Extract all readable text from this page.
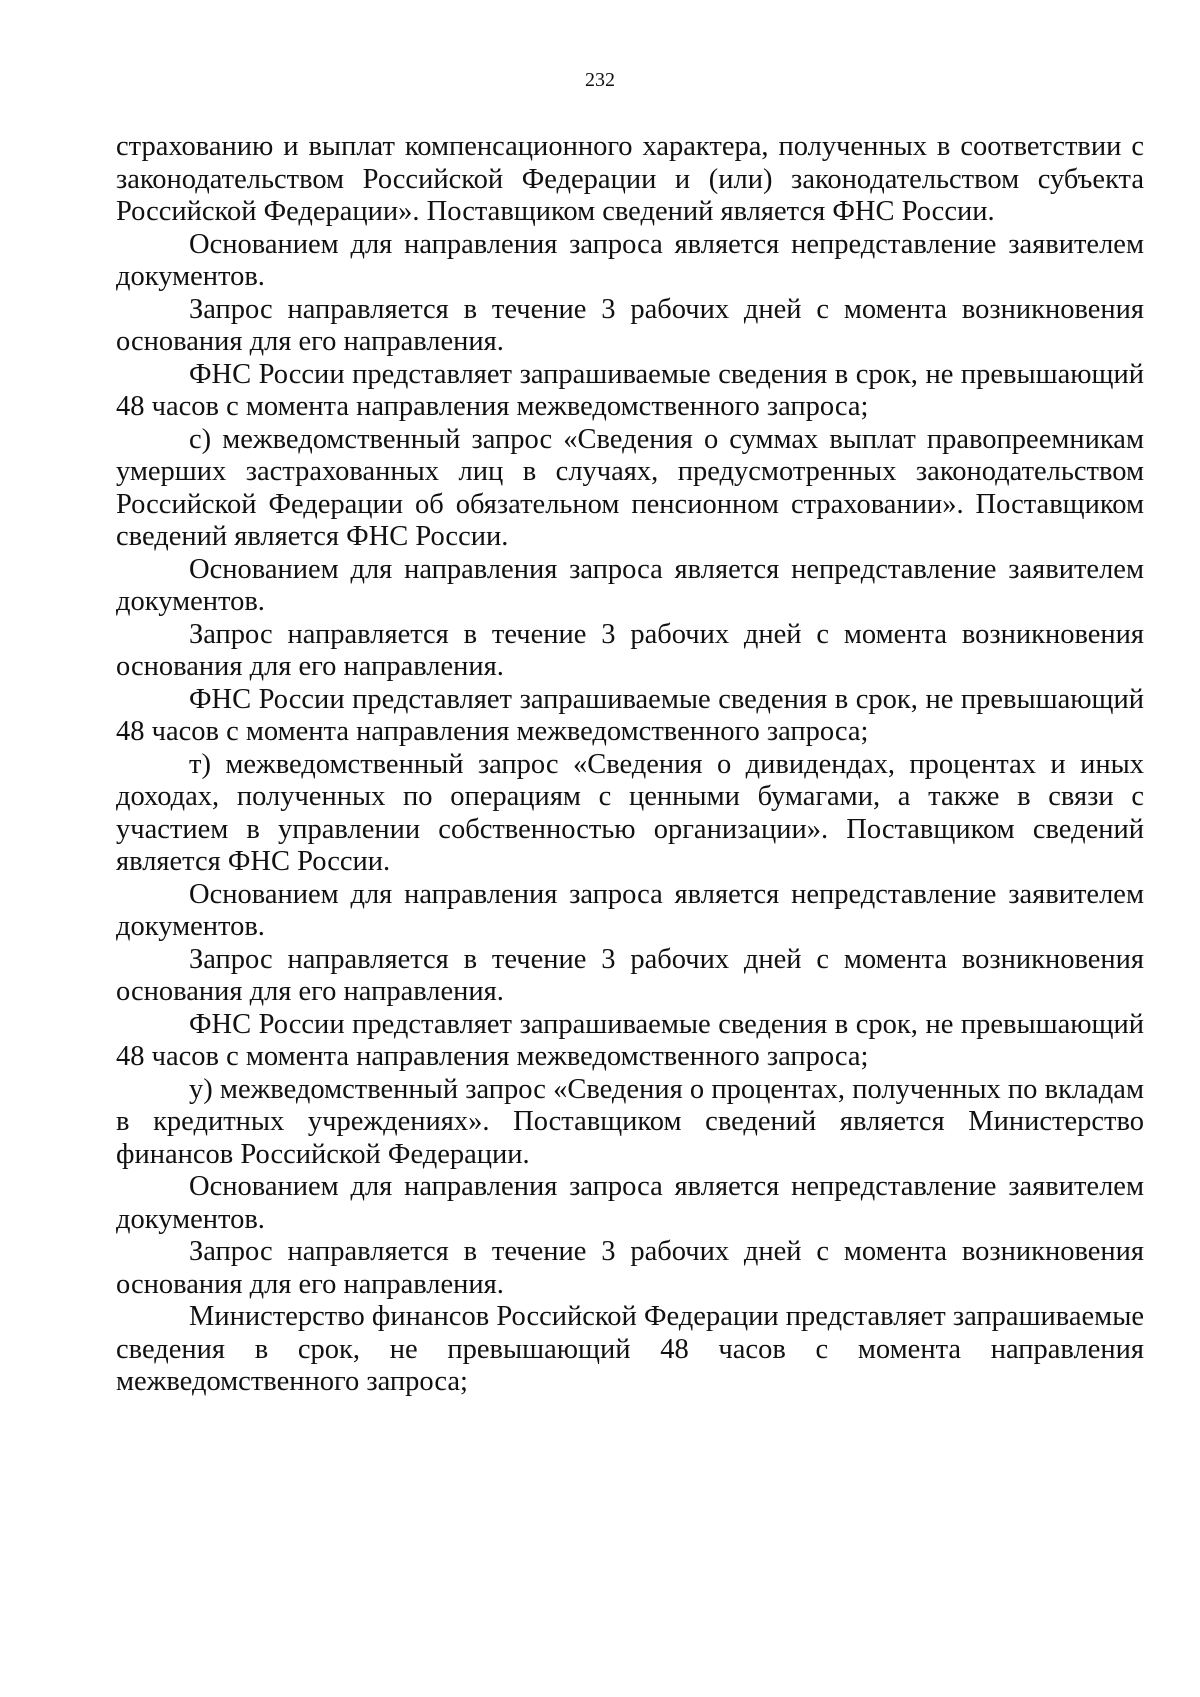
232

страхованию и выплат компенсационного характера, полученных в соответствии с законодательством Российской Федерации и (или) законодательством субъекта Российской Федерации». Поставщиком сведений является ФНС России.

Основанием для направления запроса является непредставление заявителем документов.

Запрос направляется в течение 3 рабочих дней с момента возникновения основания для его направления.

ФНС России представляет запрашиваемые сведения в срок, не превышающий 48 часов с момента направления межведомственного запроса;

с) межведомственный запрос «Сведения о суммах выплат правопреемникам умерших застрахованных лиц в случаях, предусмотренных законодательством Российской Федерации об обязательном пенсионном страховании». Поставщиком сведений является ФНС России.

Основанием для направления запроса является непредставление заявителем документов.

Запрос направляется в течение 3 рабочих дней с момента возникновения основания для его направления.

ФНС России представляет запрашиваемые сведения в срок, не превышающий 48 часов с момента направления межведомственного запроса;

т) межведомственный запрос «Сведения о дивидендах, процентах и иных доходах, полученных по операциям с ценными бумагами, а также в связи с участием в управлении собственностью организации». Поставщиком сведений является ФНС России.

Основанием для направления запроса является непредставление заявителем документов.

Запрос направляется в течение 3 рабочих дней с момента возникновения основания для его направления.

ФНС России представляет запрашиваемые сведения в срок, не превышающий 48 часов с момента направления межведомственного запроса;

у) межведомственный запрос «Сведения о процентах, полученных по вкладам в кредитных учреждениях». Поставщиком сведений является Министерство финансов Российской Федерации.

Основанием для направления запроса является непредставление заявителем документов.

Запрос направляется в течение 3 рабочих дней с момента возникновения основания для его направления.

Министерство финансов Российской Федерации представляет запрашиваемые сведения в срок, не превышающий 48 часов с момента направления межведомственного запроса;
